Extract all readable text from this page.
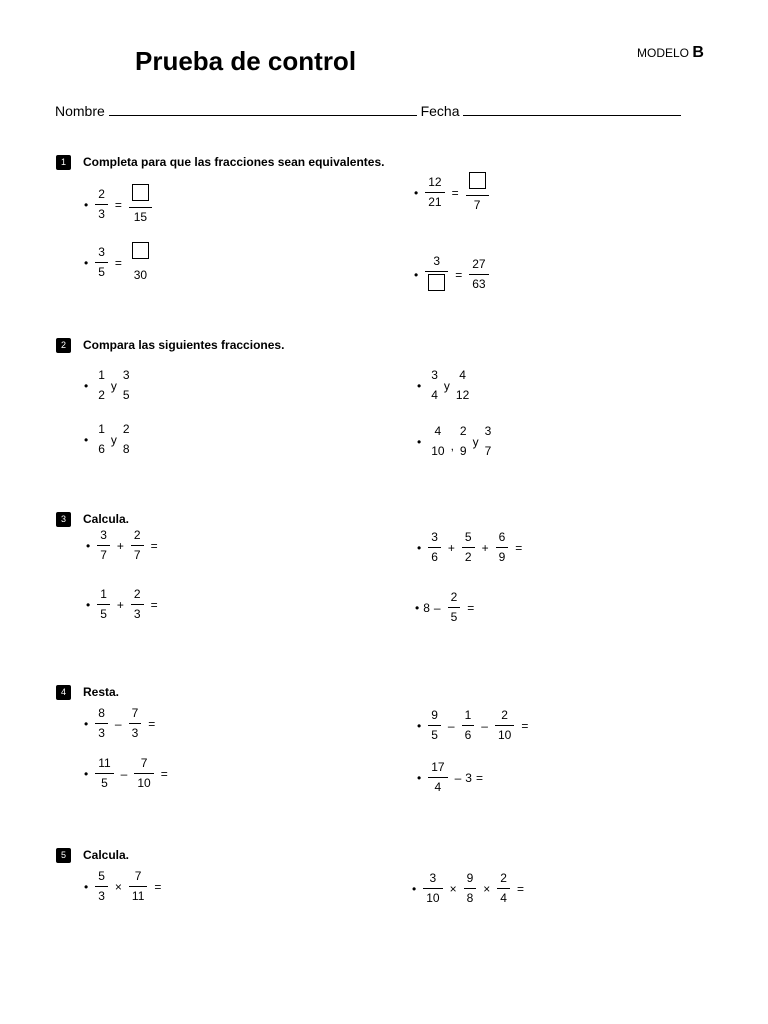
Prueba de control	MODELO B
Nombre	Fecha
1 Completa para que las fracciones sean equivalentes.
• $\frac{2}{3}$ =
15
• $\frac{12}{21}$ =
7
• $\frac{3}{5}$ =
30	•
3
= $\frac{27}{63}$
2 Compara las siguientes fracciones.
•
1
2
y
3
5
•
3
4
y
4
12
•
1
6
y
2
8
•
4
10 ,
2
9
y
3
7
3 Calcula.
• $\frac{3}{7} + \frac{2}{7}$ =	• $\frac{3}{6} + \frac{5}{2} + \frac{6}{9}$ =
• $\frac{1}{5} + \frac{2}{3}$ =	• $8 - \frac{2}{5}$ =
4 Resta.
• $\frac{8}{3} - \frac{7}{3}$ =	• $\frac{9}{5} - \frac{1}{6} - \frac{2}{10}$ =
• $\frac{11}{5} - \frac{7}{10}$ =	• $\frac{17}{4} - 3$ =
5 Calcula.
• $\frac{5}{3} \times \frac{7}{11}$ =	• $\frac{3}{10} \times \frac{9}{8} \times \frac{2}{4}$ =
